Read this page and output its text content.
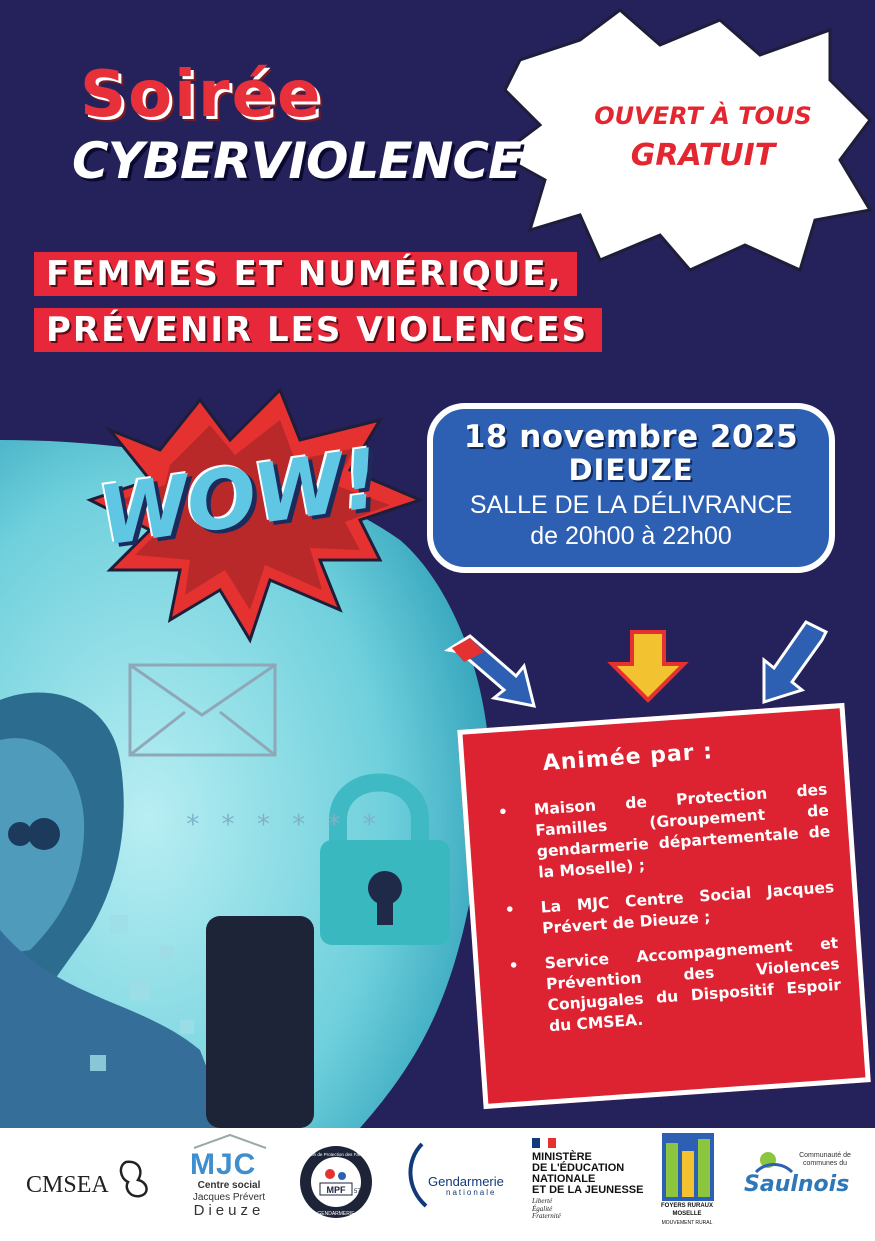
Soirée
CYBERVIOLENCE
OUVERT À TOUS
GRATUIT
FEMMES ET NUMÉRIQUE,
PRÉVENIR LES VIOLENCES
WOW!
* * * * * *
18 novembre 2025
DIEUZE
SALLE DE LA DÉLIVRANCE
de 20h00 à 22h00
Animée par :
• Maison de Protection des Familles (Groupement de gendarmerie départementale de la Moselle) ;
• La MJC Centre Social Jacques Prévert de Dieuze ;
• Service Accompagnement et Prévention des Violences Conjugales du Dispositif Espoir du CMSEA.
CMSEA
MJC
Centre social
Jacques Prévert
Dieuze
MPF 57
Maison de Protection des Familles
GENDARMERIE
Gendarmerie
nationale
MINISTÈRE
DE L'ÉDUCATION
NATIONALE
ET DE LA JEUNESSE
Liberté
Égalité
Fraternité
FOYERS RURAUX
MOSELLE
MOUVEMENT RURAL
Communauté de
communes du
Saulnois
